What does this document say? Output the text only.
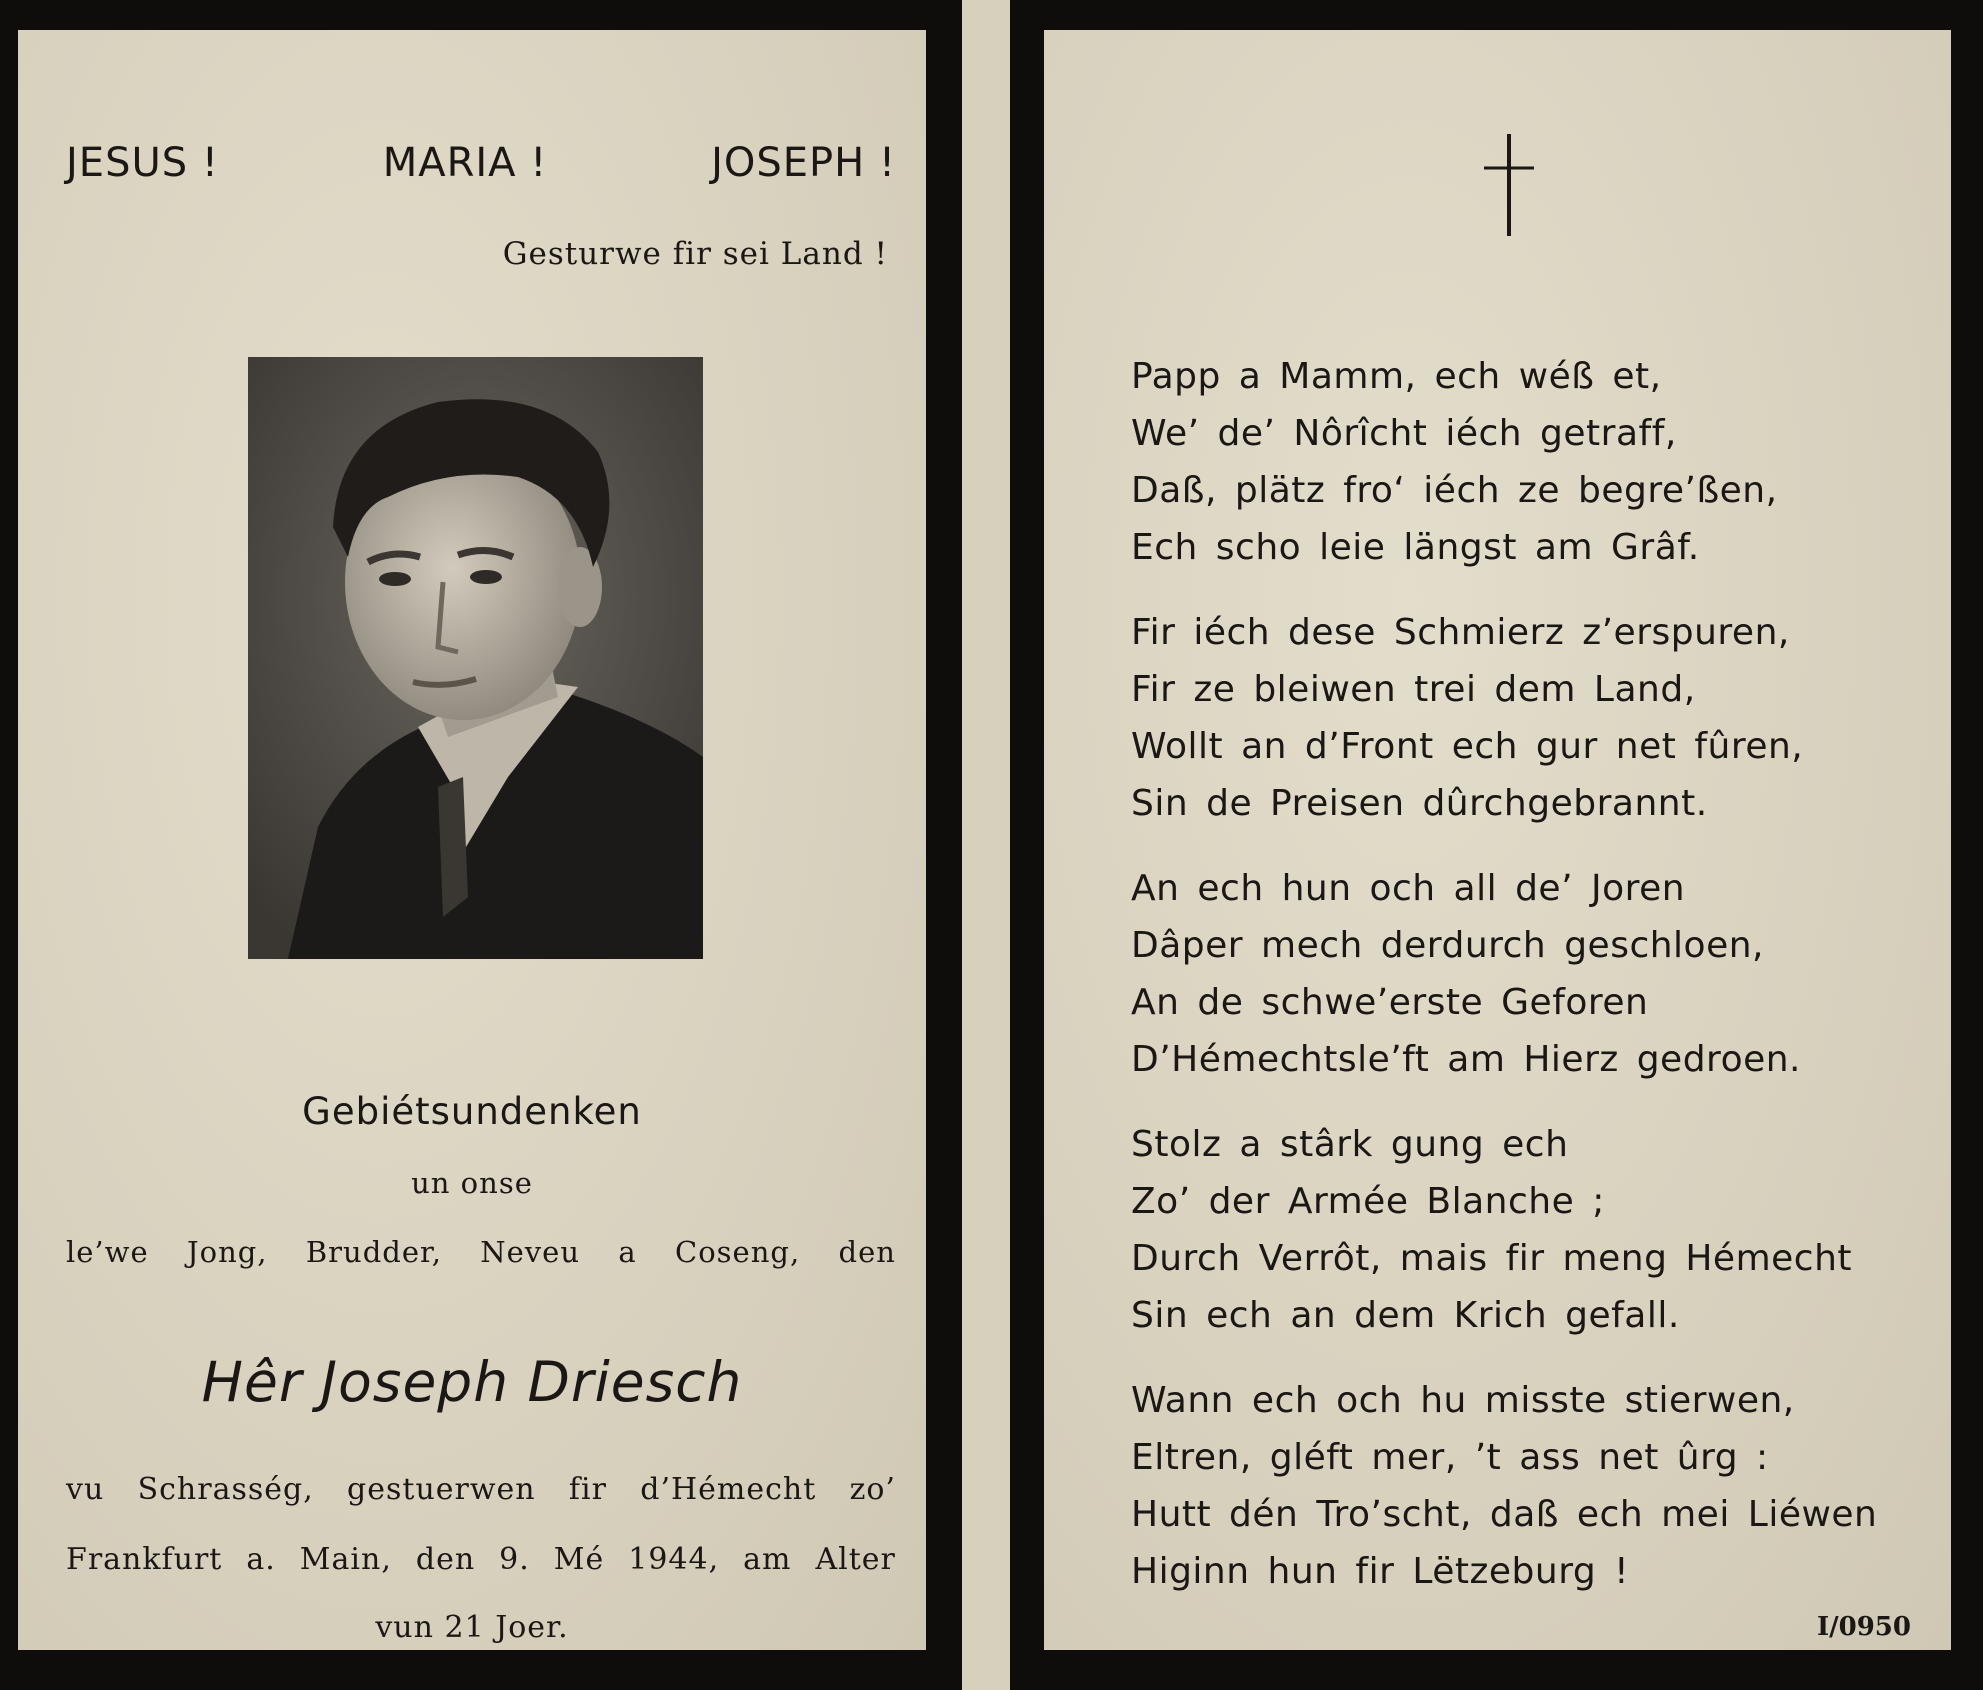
JESUS !	MARIA !	JOSEPH !
Gesturwe fir sei Land !
Gebiétsundenken
un onse
le’we Jong, Brudder, Neveu a Coseng, den
Hêr Joseph Driesch
vu Schrasség, gestuerwen fir d’Hémecht zo’
Frankfurt a. Main, den 9. Mé 1944, am Alter
vun 21 Joer.
Papp a Mamm, ech wéß et,
We’ de’ Nôrîcht iéch getraff,
Daß, plätz fro‘ iéch ze begre’ßen,
Ech scho leie längst am Grâf.
Fir iéch dese Schmierz z’erspuren,
Fir ze bleiwen trei dem Land,
Wollt an d’Front ech gur net fûren,
Sin de Preisen dûrchgebrannt.
An ech hun och all de’ Joren
Dâper mech derdurch geschloen,
An de schwe’erste Geforen
D’Hémechtsle’ft am Hierz gedroen.
Stolz a stârk gung ech
Zo’ der Armée Blanche ;
Durch Verrôt, mais fir meng Hémecht
Sin ech an dem Krich gefall.
Wann ech och hu misste stierwen,
Eltren, gléft mer, ’t ass net ûrg :
Hutt dén Tro’scht, daß ech mei Liéwen
Higinn hun fir Lëtzeburg !
I/0950
